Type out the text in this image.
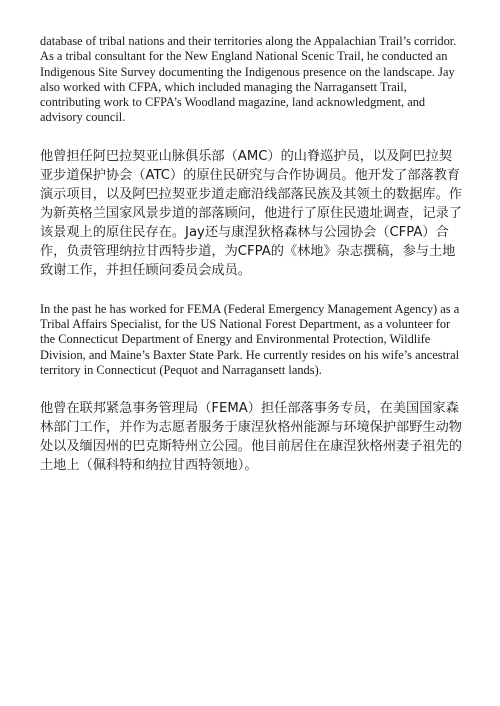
database of tribal nations and their territories along the Appalachian Trail’s corridor. As a tribal consultant for the New England National Scenic Trail, he conducted an Indigenous Site Survey documenting the Indigenous presence on the landscape. Jay also worked with CFPA, which included managing the Narragansett Trail, contributing work to CFPA’s Woodland magazine, land acknowledgment, and advisory council.

他曾担任阿巴拉契亚山脉俱乐部（AMC）的山脊巡护员，以及阿巴拉契亚步道保护协会（ATC）的原住民研究与合作协调员。他开发了部落教育演示项目，以及阿巴拉契亚步道走廊沿线部落民族及其领土的数据库。作为新英格兰国家风景步道的部落顾问，他进行了原住民遗址调查，记录了该景观上的原住民存在。Jay还与康涅狄格森林与公园协会（CFPA）合作，负责管理纳拉甘西特步道，为CFPA的《林地》杂志撰稿，参与土地致谢工作，并担任顾问委员会成员。

In the past he has worked for FEMA (Federal Emergency Management Agency) as a Tribal Affairs Specialist, for the US National Forest Department, as a volunteer for the Connecticut Department of Energy and Environmental Protection, Wildlife Division, and Maine’s Baxter State Park. He currently resides on his wife’s ancestral territory in Connecticut (Pequot and Narragansett lands).

他曾在联邦紧急事务管理局（FEMA）担任部落事务专员，在美国国家森林部门工作，并作为志愿者服务于康涅狄格州能源与环境保护部野生动物处以及缅因州的巴克斯特州立公园。他目前居住在康涅狄格州妻子祖先的土地上（佩科特和纳拉甘西特领地）。
